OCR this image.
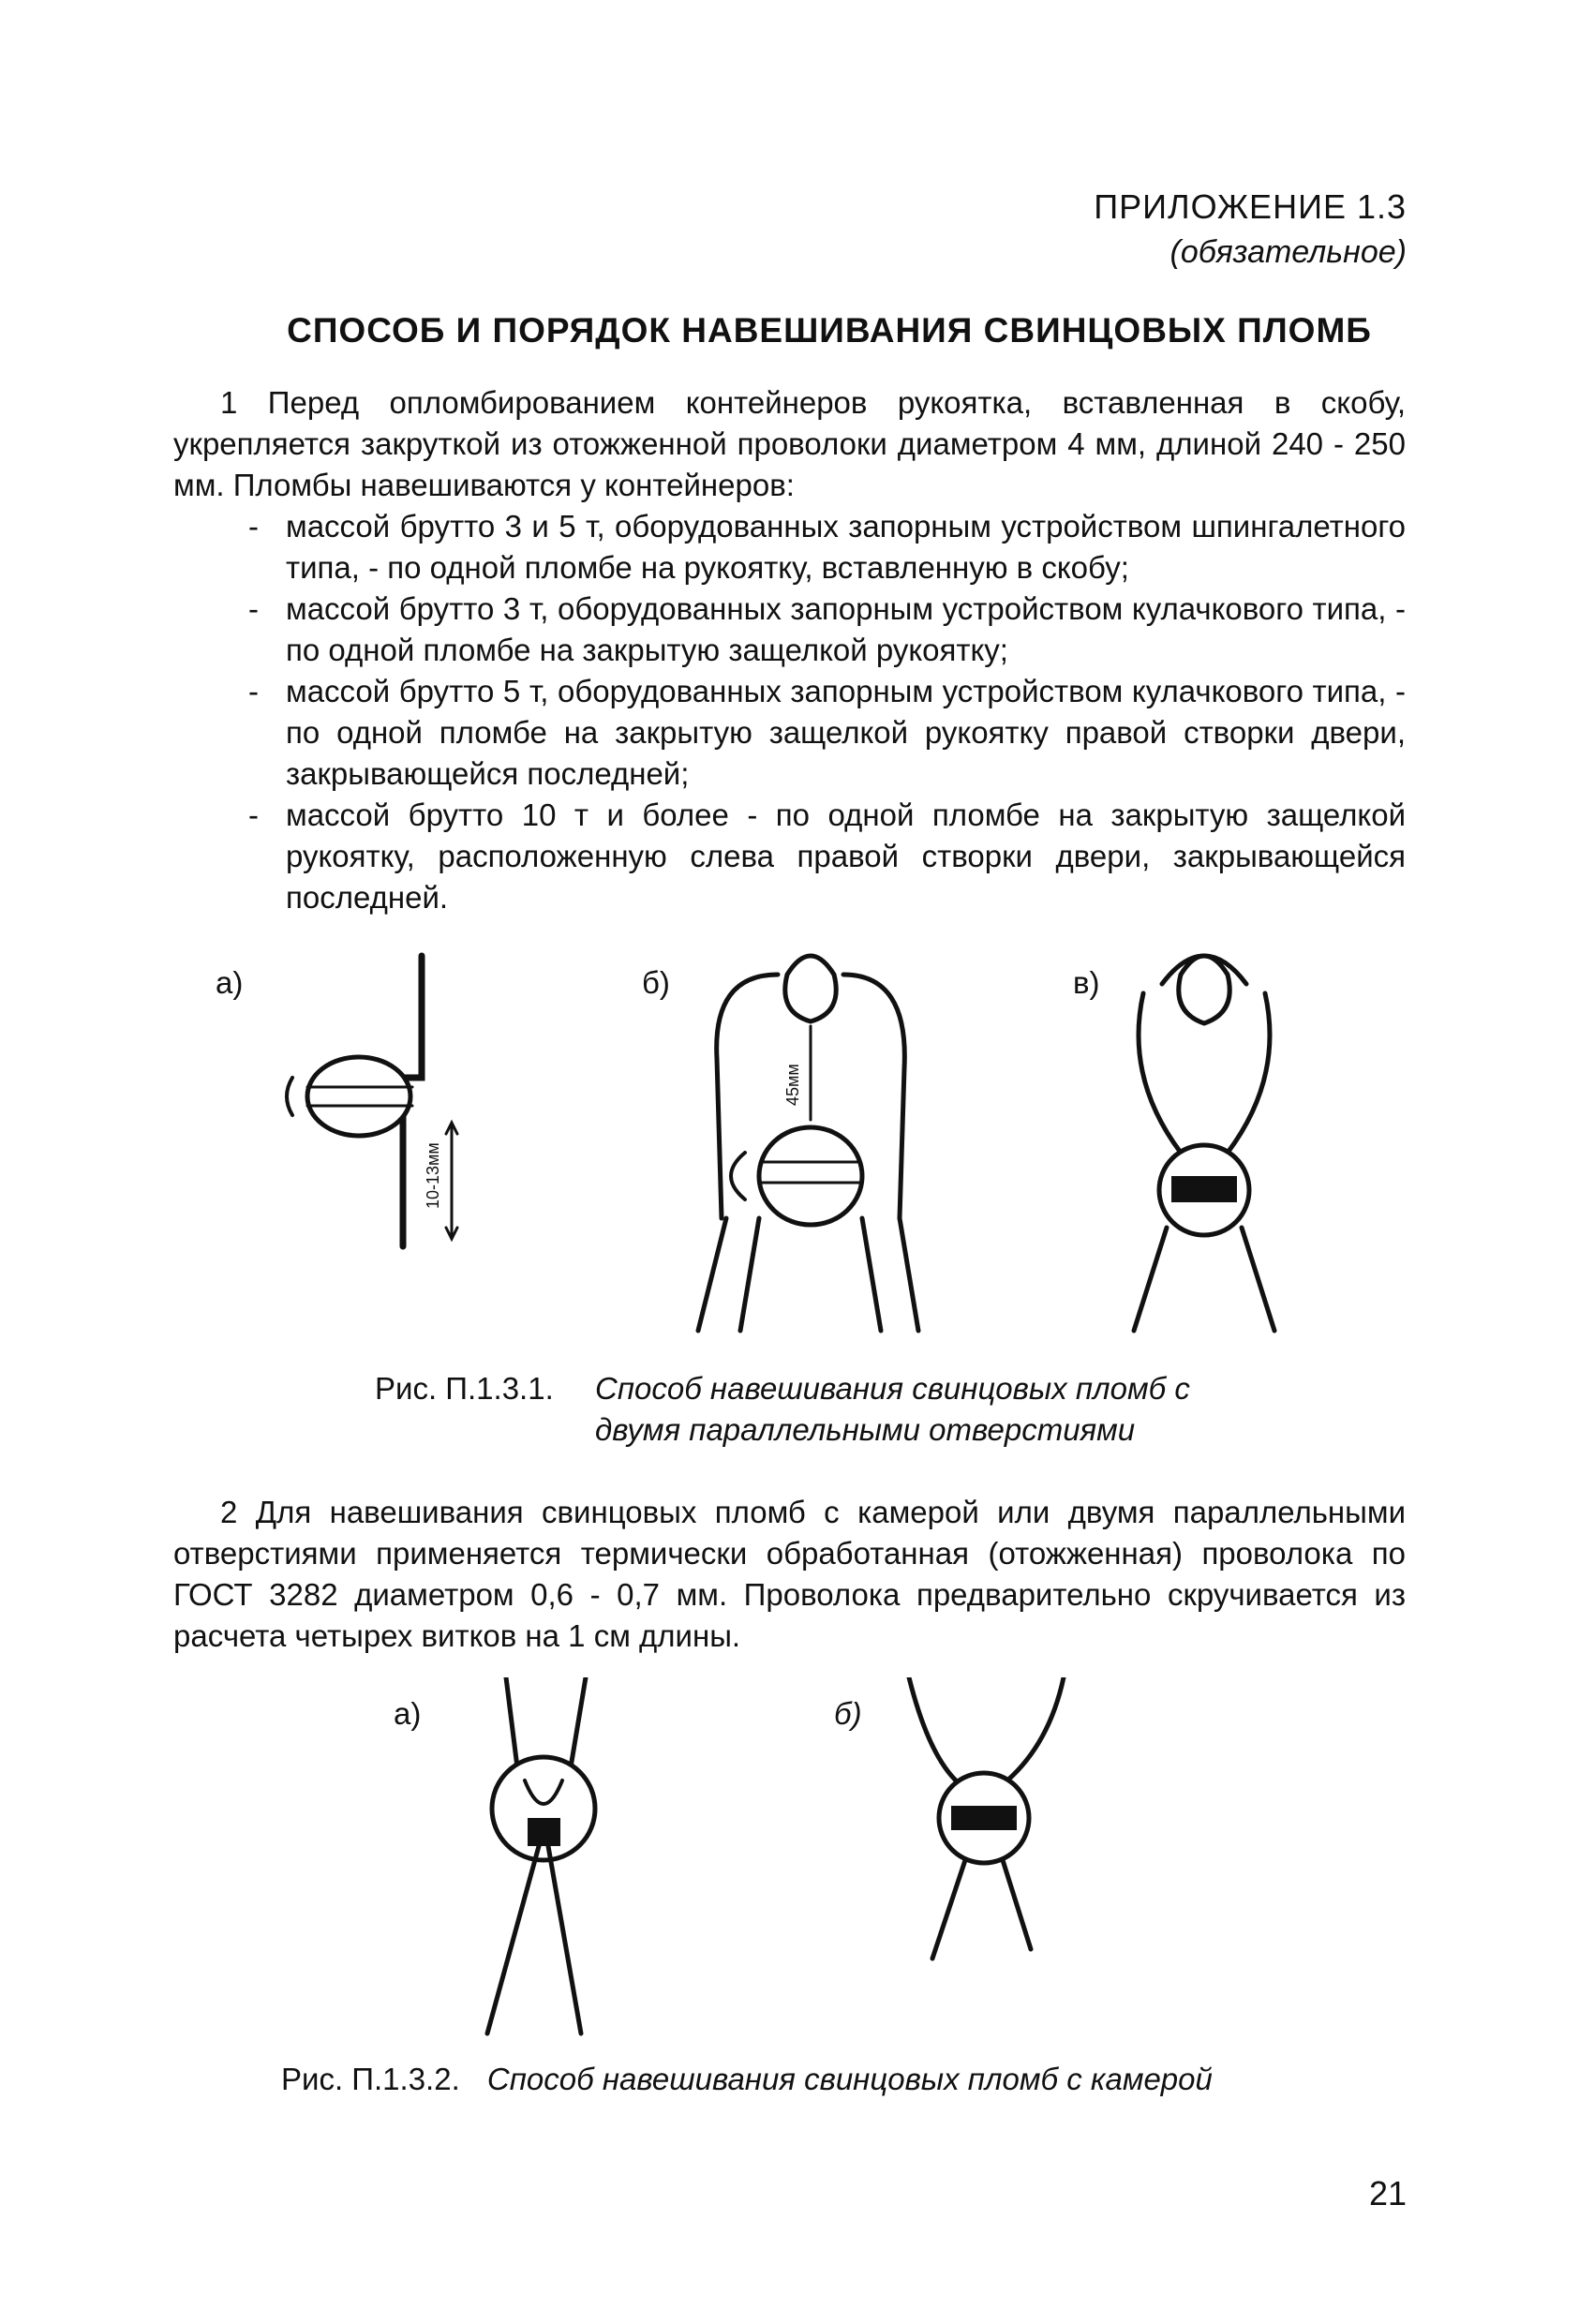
ПРИЛОЖЕНИЕ 1.3
(обязательное)
СПОСОБ И ПОРЯДОК НАВЕШИВАНИЯ СВИНЦОВЫХ ПЛОМБ
1 Перед опломбированием контейнеров рукоятка, вставленная в скобу, укрепляется закруткой из отожженной проволоки диаметром 4 мм, длиной 240 - 250 мм. Пломбы навешиваются у контейнеров:
- массой брутто 3 и 5 т, оборудованных запорным устройством шпингалетного типа, - по одной пломбе на рукоятку, вставленную в скобу;
- массой брутто 3 т, оборудованных запорным устройством кулачкового типа, - по одной пломбе на закрытую защелкой рукоятку;
- массой брутто 5 т, оборудованных запорным устройством кулачкового типа, - по одной пломбе на закрытую защелкой рукоятку правой створки двери, закрывающейся последней;
- массой брутто 10 т и более - по одной пломбе на закрытую защелкой рукоятку, расположенную слева правой створки двери, закрывающейся последней.
а)	б)	в)
10-13мм
45мм
Рис. П.1.3.1. Способ навешивания свинцовых пломб с двумя параллельными отверстиями
2 Для навешивания свинцовых пломб с камерой или двумя параллельными отверстиями применяется термически обработанная (отожженная) проволока по ГОСТ 3282 диаметром 0,6 - 0,7 мм. Проволока предварительно скручивается из расчета четырех витков на 1 см длины.
а)	б)
Рис. П.1.3.2. Способ навешивания свинцовых пломб с камерой
21
